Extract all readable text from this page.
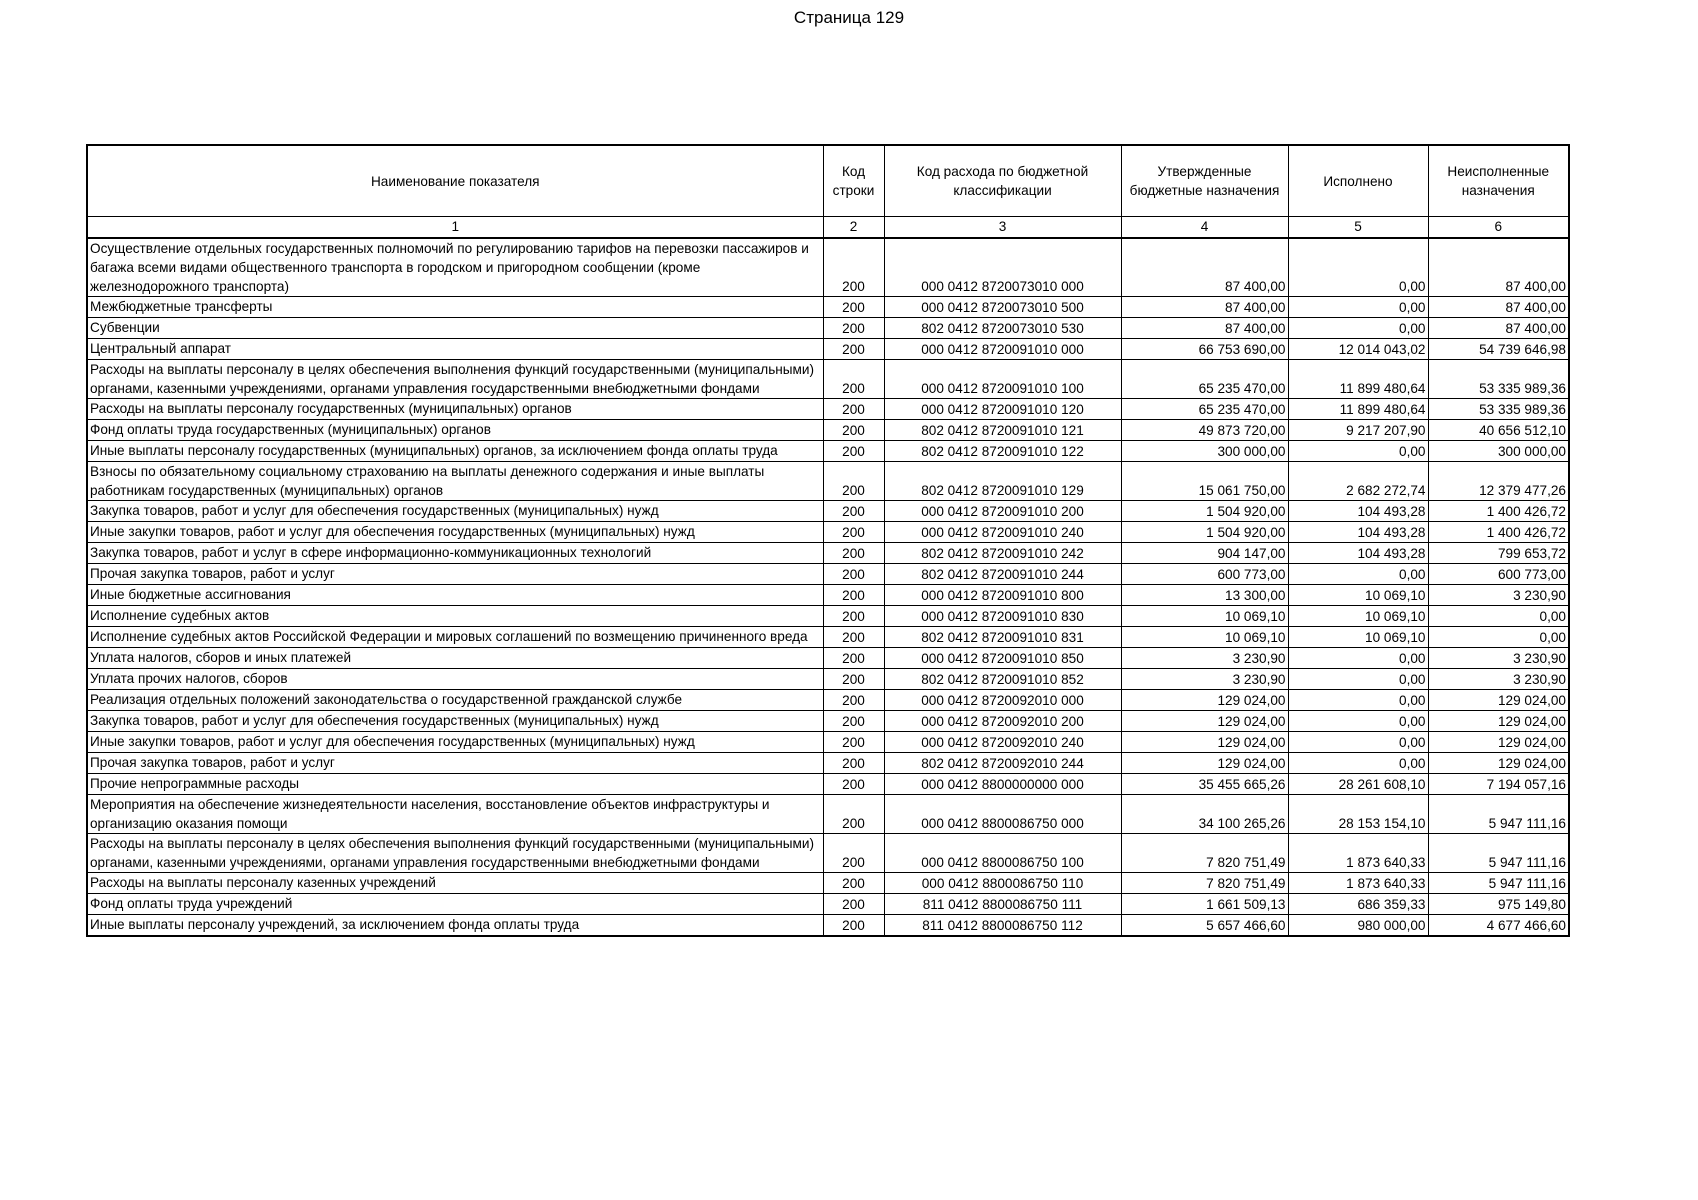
Страница 129
Наименование показателя	Код строки	Код расхода по бюджетной классификации	Утвержденные бюджетные назначения	Исполнено	Неисполненные назначения
1	2	3	4	5	6
Осуществление отдельных государственных полномочий по регулированию тарифов на перевозки пассажиров и багажа всеми видами общественного транспорта в городском и пригородном сообщении (кроме железнодорожного транспорта)	200	000 0412 8720073010 000	87 400,00	0,00	87 400,00
Межбюджетные трансферты	200	000 0412 8720073010 500	87 400,00	0,00	87 400,00
Субвенции	200	802 0412 8720073010 530	87 400,00	0,00	87 400,00
Центральный аппарат	200	000 0412 8720091010 000	66 753 690,00	12 014 043,02	54 739 646,98
Расходы на выплаты персоналу в целях обеспечения выполнения функций государственными (муниципальными) органами, казенными учреждениями, органами управления государственными внебюджетными фондами	200	000 0412 8720091010 100	65 235 470,00	11 899 480,64	53 335 989,36
Расходы на выплаты персоналу государственных (муниципальных) органов	200	000 0412 8720091010 120	65 235 470,00	11 899 480,64	53 335 989,36
Фонд оплаты труда государственных (муниципальных) органов	200	802 0412 8720091010 121	49 873 720,00	9 217 207,90	40 656 512,10
Иные выплаты персоналу государственных (муниципальных) органов, за исключением фонда оплаты труда	200	802 0412 8720091010 122	300 000,00	0,00	300 000,00
Взносы по обязательному социальному страхованию на выплаты денежного содержания и иные выплаты работникам государственных (муниципальных) органов	200	802 0412 8720091010 129	15 061 750,00	2 682 272,74	12 379 477,26
Закупка товаров, работ и услуг для обеспечения государственных (муниципальных) нужд	200	000 0412 8720091010 200	1 504 920,00	104 493,28	1 400 426,72
Иные закупки товаров, работ и услуг для обеспечения государственных (муниципальных) нужд	200	000 0412 8720091010 240	1 504 920,00	104 493,28	1 400 426,72
Закупка товаров, работ и услуг в сфере информационно-коммуникационных технологий	200	802 0412 8720091010 242	904 147,00	104 493,28	799 653,72
Прочая закупка товаров, работ и услуг	200	802 0412 8720091010 244	600 773,00	0,00	600 773,00
Иные бюджетные ассигнования	200	000 0412 8720091010 800	13 300,00	10 069,10	3 230,90
Исполнение судебных актов	200	000 0412 8720091010 830	10 069,10	10 069,10	0,00
Исполнение судебных актов Российской Федерации и мировых соглашений по возмещению причиненного вреда	200	802 0412 8720091010 831	10 069,10	10 069,10	0,00
Уплата налогов, сборов и иных платежей	200	000 0412 8720091010 850	3 230,90	0,00	3 230,90
Уплата прочих налогов, сборов	200	802 0412 8720091010 852	3 230,90	0,00	3 230,90
Реализация отдельных положений законодательства о государственной гражданской службе	200	000 0412 8720092010 000	129 024,00	0,00	129 024,00
Закупка товаров, работ и услуг для обеспечения государственных (муниципальных) нужд	200	000 0412 8720092010 200	129 024,00	0,00	129 024,00
Иные закупки товаров, работ и услуг для обеспечения государственных (муниципальных) нужд	200	000 0412 8720092010 240	129 024,00	0,00	129 024,00
Прочая закупка товаров, работ и услуг	200	802 0412 8720092010 244	129 024,00	0,00	129 024,00
Прочие непрограммные расходы	200	000 0412 8800000000 000	35 455 665,26	28 261 608,10	7 194 057,16
Мероприятия на обеспечение жизнедеятельности населения, восстановление объектов инфраструктуры и организацию оказания помощи	200	000 0412 8800086750 000	34 100 265,26	28 153 154,10	5 947 111,16
Расходы на выплаты персоналу в целях обеспечения выполнения функций государственными (муниципальными) органами, казенными учреждениями, органами управления государственными внебюджетными фондами	200	000 0412 8800086750 100	7 820 751,49	1 873 640,33	5 947 111,16
Расходы на выплаты персоналу казенных учреждений	200	000 0412 8800086750 110	7 820 751,49	1 873 640,33	5 947 111,16
Фонд оплаты труда учреждений	200	811 0412 8800086750 111	1 661 509,13	686 359,33	975 149,80
Иные выплаты персоналу учреждений, за исключением фонда оплаты труда	200	811 0412 8800086750 112	5 657 466,60	980 000,00	4 677 466,60
